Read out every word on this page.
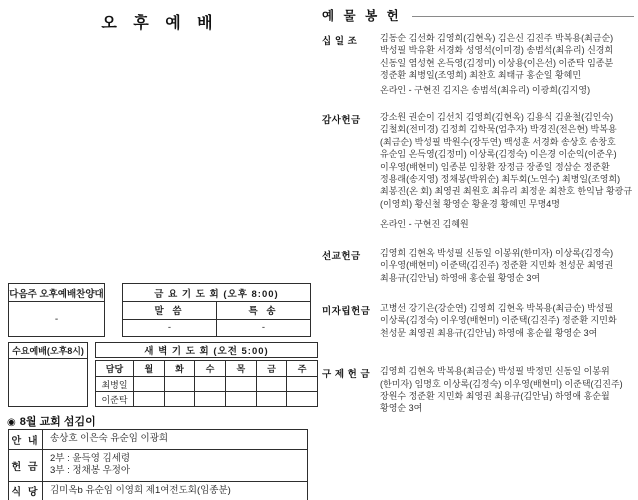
오 후 예 배
다음주 오후예배찬양대
-
금 요 기 도 회 (오후 8:00)
말 씀	특 송
-	-
수요예배(오후8시)	새 벽 기 도 회 (오전 5:00)
담당	월	화	수	목	금	주
최병일
이준탁
◉ 8월 교회 섬김이
안 내	송상호 이은숙 유순임 이광희
헌 금
2부 : 윤득영 김세령
3부 : 정채봉 우정아
식 당	김미옥b 유순임 이영희 제1여전도회(임종분)
예 물 봉 헌
십 일 조	김동순 김선화 김영희(김현옥) 김은신 김진주 박복용(최금순) 박성필 박유환 서경화 성영석(이미경) 송범석(최유리) 신경희 신동일 염성현 온득영(김정미) 이상용(이은선) 이준탁 임종분 정준환 최병일(조영희) 최찬호 최태규 홍순일 황혜민
온라인 - 구현진 김지은 송범석(최유리) 이광희(김지영)
감사헌금	강소원 권순이 김선치 김영희(김현옥) 김용식 김윤철(김인숙) 김철회(전미경) 김정희 김학묵(엄추자) 박경진(전은현) 박복용(최금순) 박성필 박원수(장두연) 백성훈 서경화 송상호 송창호 유순임 온득영(김정미) 이상록(김정숙) 이은경 이순익(이준우) 이우영(배현미) 임종분 임창환 장정금 장종일 정삼순 정준환 정용래(송지영) 정채봉(박위순) 최두회(노연수) 최병일(조영희) 최봉진(온 회) 최영권 최원호 최유리 최정운 최찬호 한익남 황광규(이영희) 황신철 황영순 황윤경 황혜민 무명4명
온라인 - 구현진 김혜원
선교헌금	김영희 김현옥 박성필 신동일 이봉위(한미자) 이상록(김정숙) 이우영(배현미) 이준택(김진주) 정준환 지민화 천성문 최영권 최용규(김안님) 하영애 홍순월 황영순 3여
미자립헌금	고병선 강기은(강순연) 김영희 김현옥 박복용(최금순) 박성필 이상록(김정숙) 이우영(배현미) 이준택(김진주) 정준환 지민화 천성문 최영권 최용규(김안님) 하영애 홍순월 황영순 3여
구 제 헌 금	김영희 김현옥 박복용(최금순) 박성필 박정민 신동일 이봉위(한미자) 임명호 이상록(김정숙) 이우영(배현미) 이준택(김진주) 장원수 정준환 지민화 최영권 최용규(김안님) 하영애 홍순월 황영순 3여
